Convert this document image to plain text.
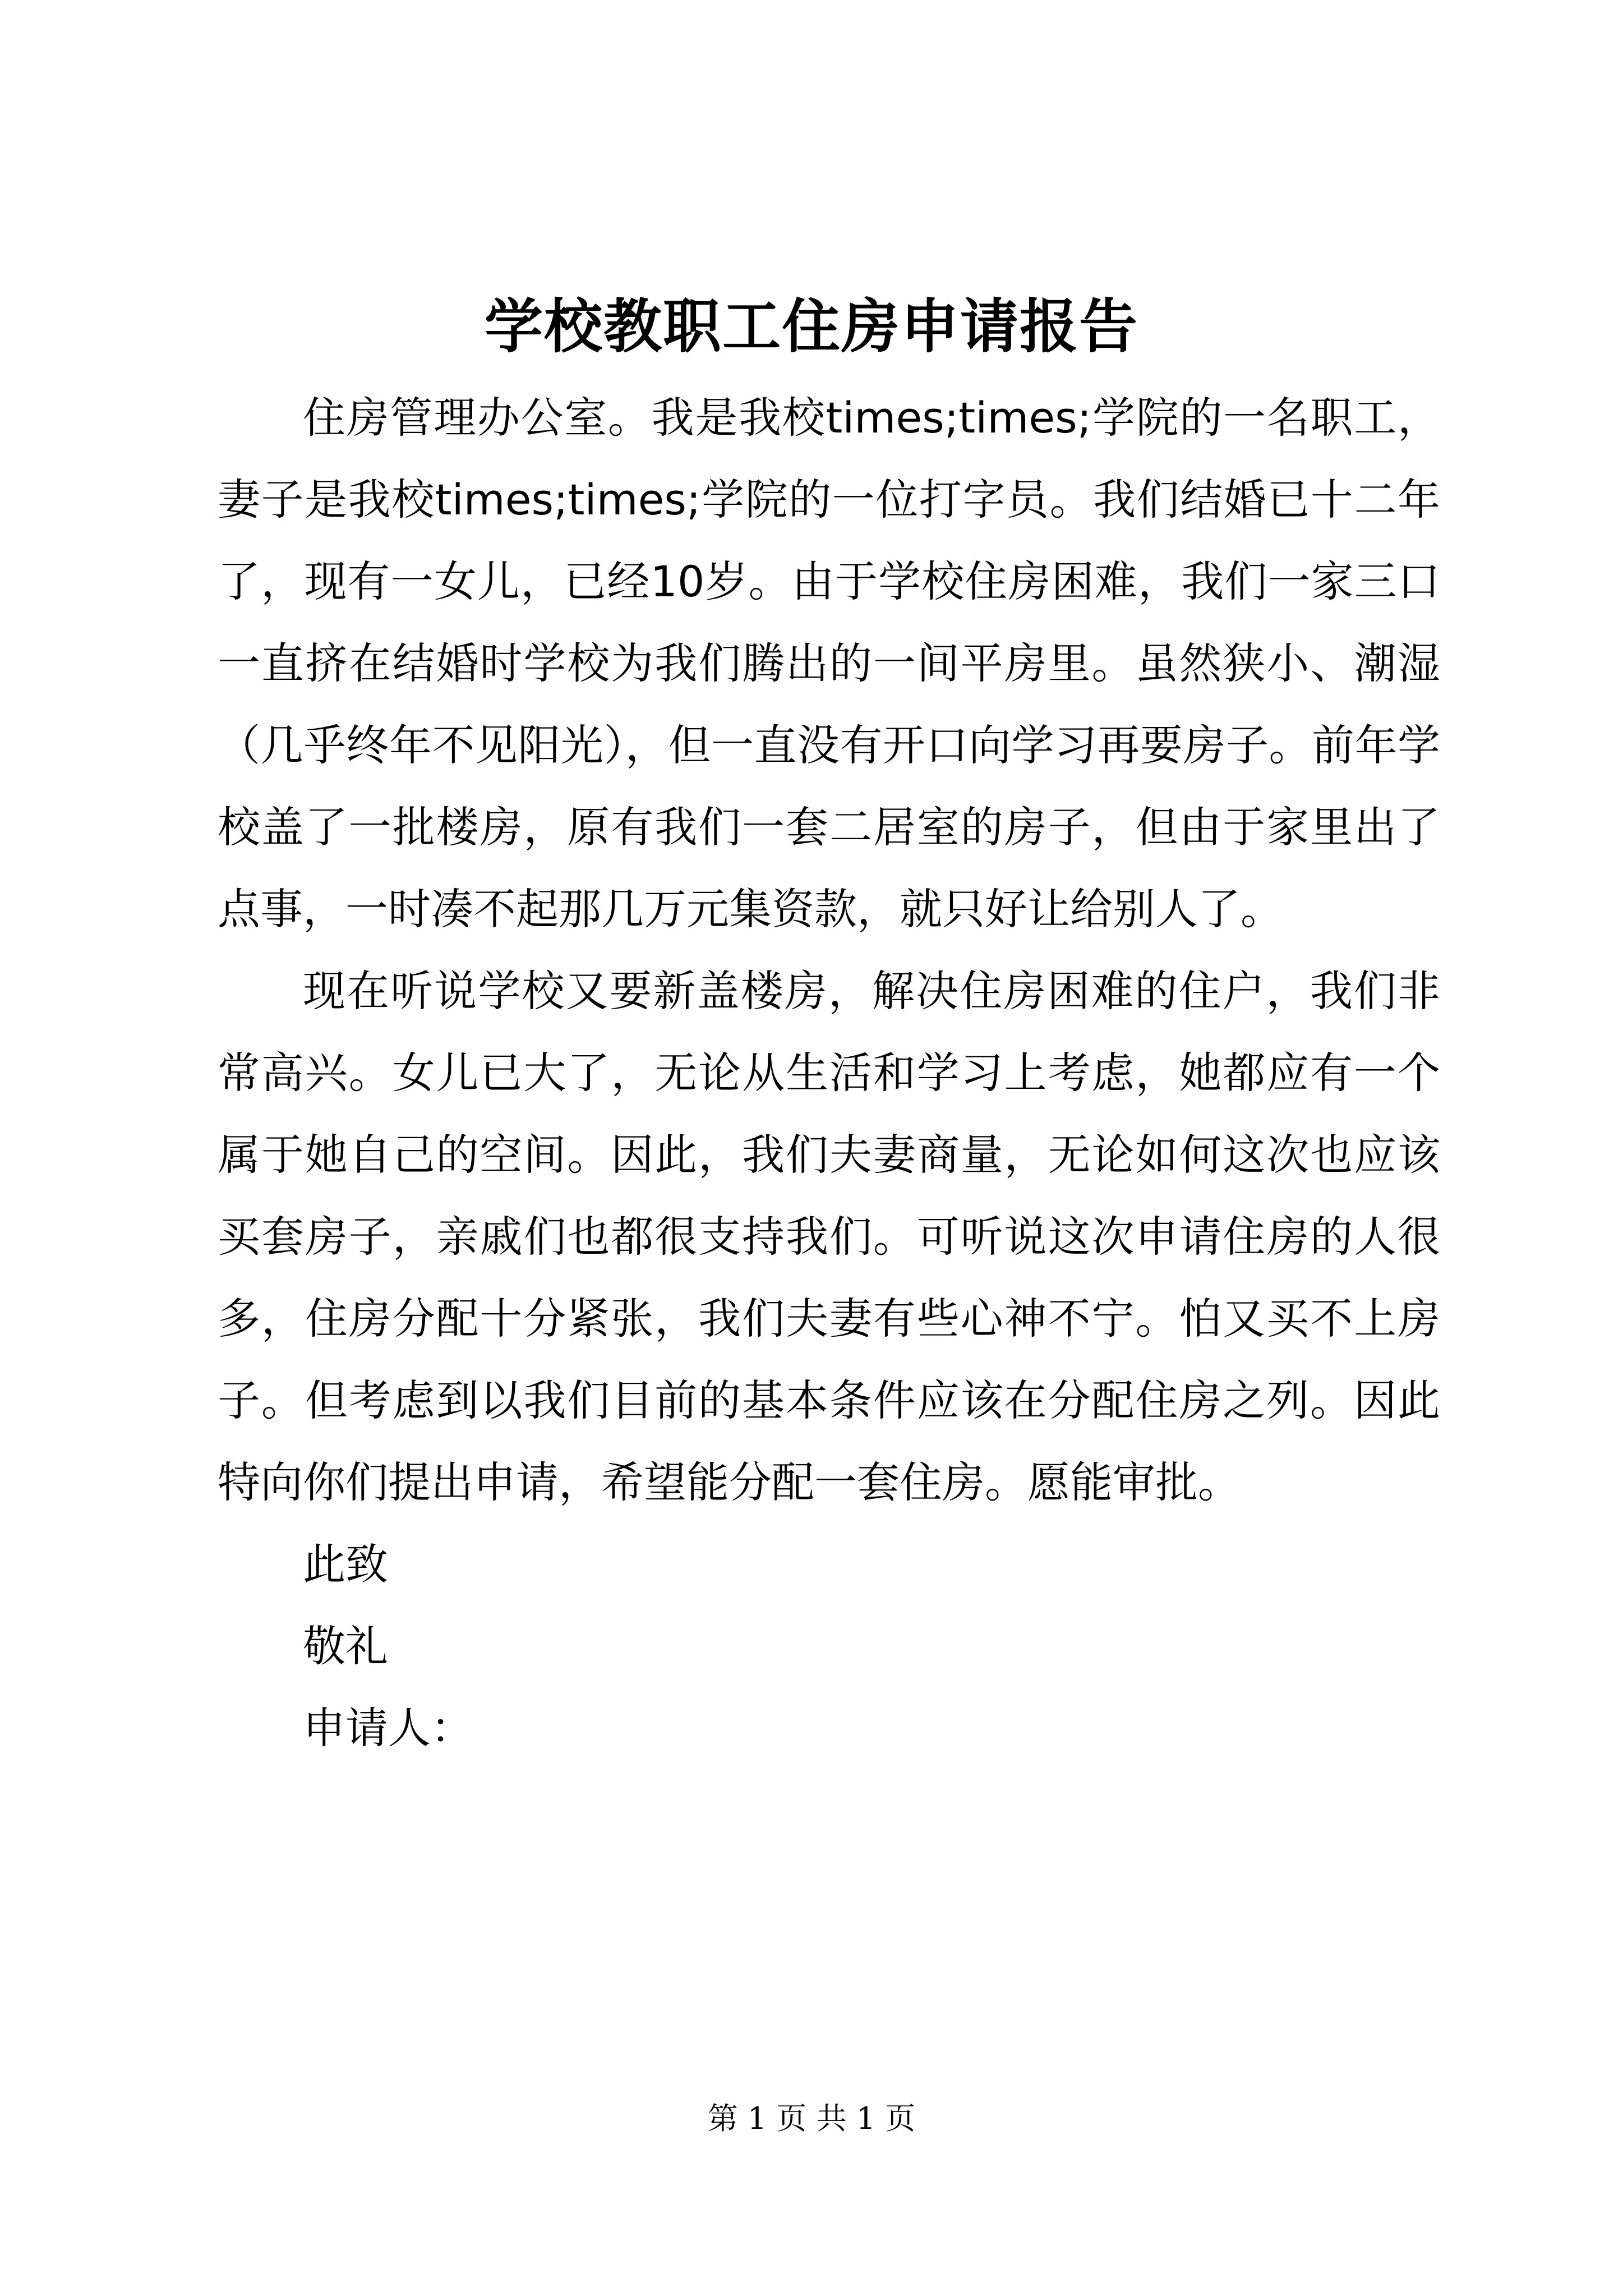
学校教职工住房申请报告

住房管理办公室。我是我校times;times;学院的一名职工，妻子是我校times;times;学院的一位打字员。我们结婚已十二年了，现有一女儿，已经10岁。由于学校住房困难，我们一家三口一直挤在结婚时学校为我们腾出的一间平房里。虽然狭小、潮湿（几乎终年不见阳光），但一直没有开口向学习再要房子。前年学校盖了一批楼房，原有我们一套二居室的房子，但由于家里出了点事，一时凑不起那几万元集资款，就只好让给别人了。

现在听说学校又要新盖楼房，解决住房困难的住户，我们非常高兴。女儿已大了，无论从生活和学习上考虑，她都应有一个属于她自己的空间。因此，我们夫妻商量，无论如何这次也应该买套房子，亲戚们也都很支持我们。可听说这次申请住房的人很多，住房分配十分紧张，我们夫妻有些心神不宁。怕又买不上房子。但考虑到以我们目前的基本条件应该在分配住房之列。因此特向你们提出申请，希望能分配一套住房。愿能审批。

此致

敬礼

申请人：

第 1 页 共 1 页
